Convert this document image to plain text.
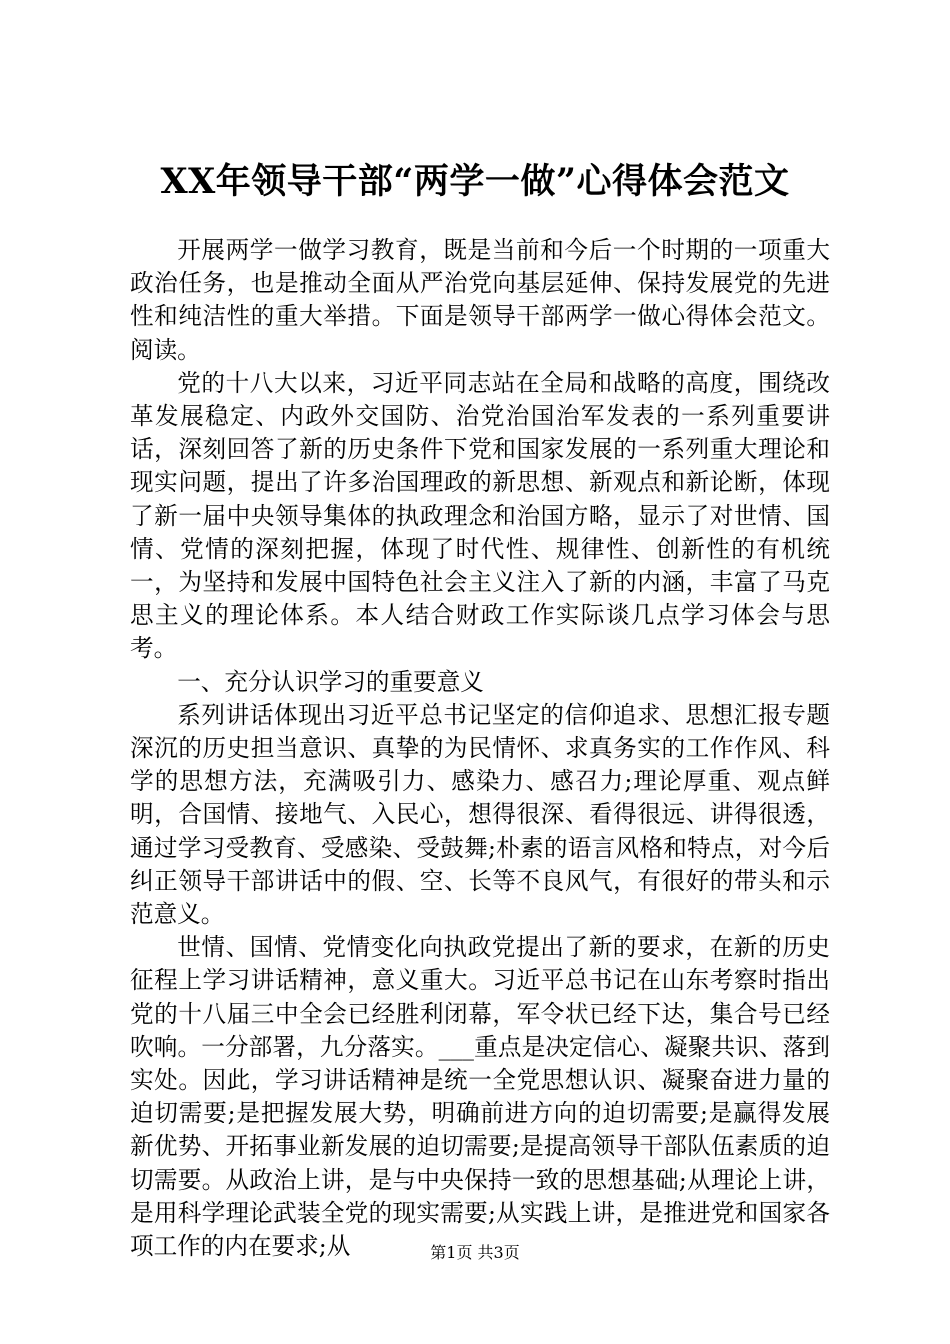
XX年领导干部“两学一做”心得体会范文

开展两学一做学习教育，既是当前和今后一个时期的一项重大政治任务，也是推动全面从严治党向基层延伸、保持发展党的先进性和纯洁性的重大举措。下面是领导干部两学一做心得体会范文。阅读。

党的十八大以来，习近平同志站在全局和战略的高度，围绕改革发展稳定、内政外交国防、治党治国治军发表的一系列重要讲话，深刻回答了新的历史条件下党和国家发展的一系列重大理论和现实问题，提出了许多治国理政的新思想、新观点和新论断，体现了新一届中央领导集体的执政理念和治国方略，显示了对世情、国情、党情的深刻把握，体现了时代性、规律性、创新性的有机统一，为坚持和发展中国特色社会主义注入了新的内涵，丰富了马克思主义的理论体系。本人结合财政工作实际谈几点学习体会与思考。

一、充分认识学习的重要意义

系列讲话体现出习近平总书记坚定的信仰追求、思想汇报专题深沉的历史担当意识、真挚的为民情怀、求真务实的工作作风、科学的思想方法，充满吸引力、感染力、感召力;理论厚重、观点鲜明，合国情、接地气、入民心，想得很深、看得很远、讲得很透，通过学习受教育、受感染、受鼓舞;朴素的语言风格和特点，对今后纠正领导干部讲话中的假、空、长等不良风气，有很好的带头和示范意义。

世情、国情、党情变化向执政党提出了新的要求，在新的历史征程上学习讲话精神，意义重大。习近平总书记在山东考察时指出党的十八届三中全会已经胜利闭幕，军令状已经下达，集合号已经吹响。一分部署，九分落实。___重点是决定信心、凝聚共识、落到实处。因此，学习讲话精神是统一全党思想认识、凝聚奋进力量的迫切需要;是把握发展大势，明确前进方向的迫切需要;是赢得发展新优势、开拓事业新发展的迫切需要;是提高领导干部队伍素质的迫切需要。从政治上讲，是与中央保持一致的思想基础;从理论上讲，是用科学理论武装全党的现实需要;从实践上讲，是推进党和国家各项工作的内在要求;从	第1页 共3页
